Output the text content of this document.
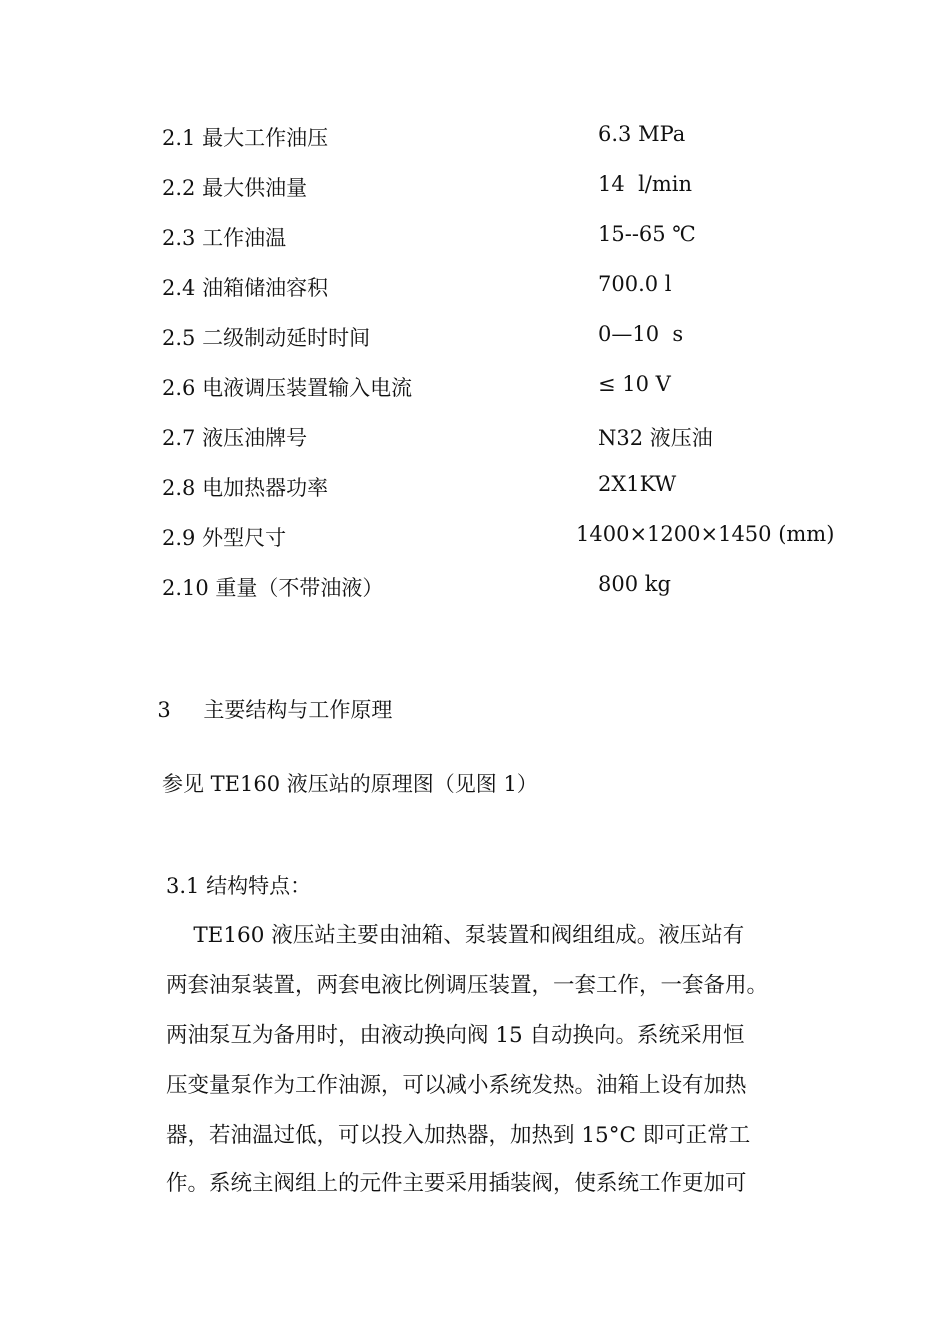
2.1 最大工作油压	6.3 MPa
2.2 最大供油量	14  l/min
2.3 工作油温	15--65 ℃
2.4 油箱储油容积	700.0 l
2.5 二级制动延时时间	0—10  s
2.6 电液调压装置输入电流	≤ 10 V
2.7 液压油牌号	N32 液压油
2.8 电加热器功率	2X1KW
2.9 外型尺寸	1400×1200×1450 (mm)
2.10 重量（不带油液）	800 kg

3 主要结构与工作原理

参见 TE160 液压站的原理图（见图 1）
3.1 结构特点：
TE160 液压站主要由油箱、泵装置和阀组组成。液压站有
两套油泵装置，两套电液比例调压装置，一套工作，一套备用。
两油泵互为备用时，由液动换向阀 15 自动换向。系统采用恒
压变量泵作为工作油源，可以减小系统发热。油箱上设有加热
器，若油温过低，可以投入加热器，加热到 15°C 即可正常工
作。系统主阀组上的元件主要采用插装阀，使系统工作更加可
